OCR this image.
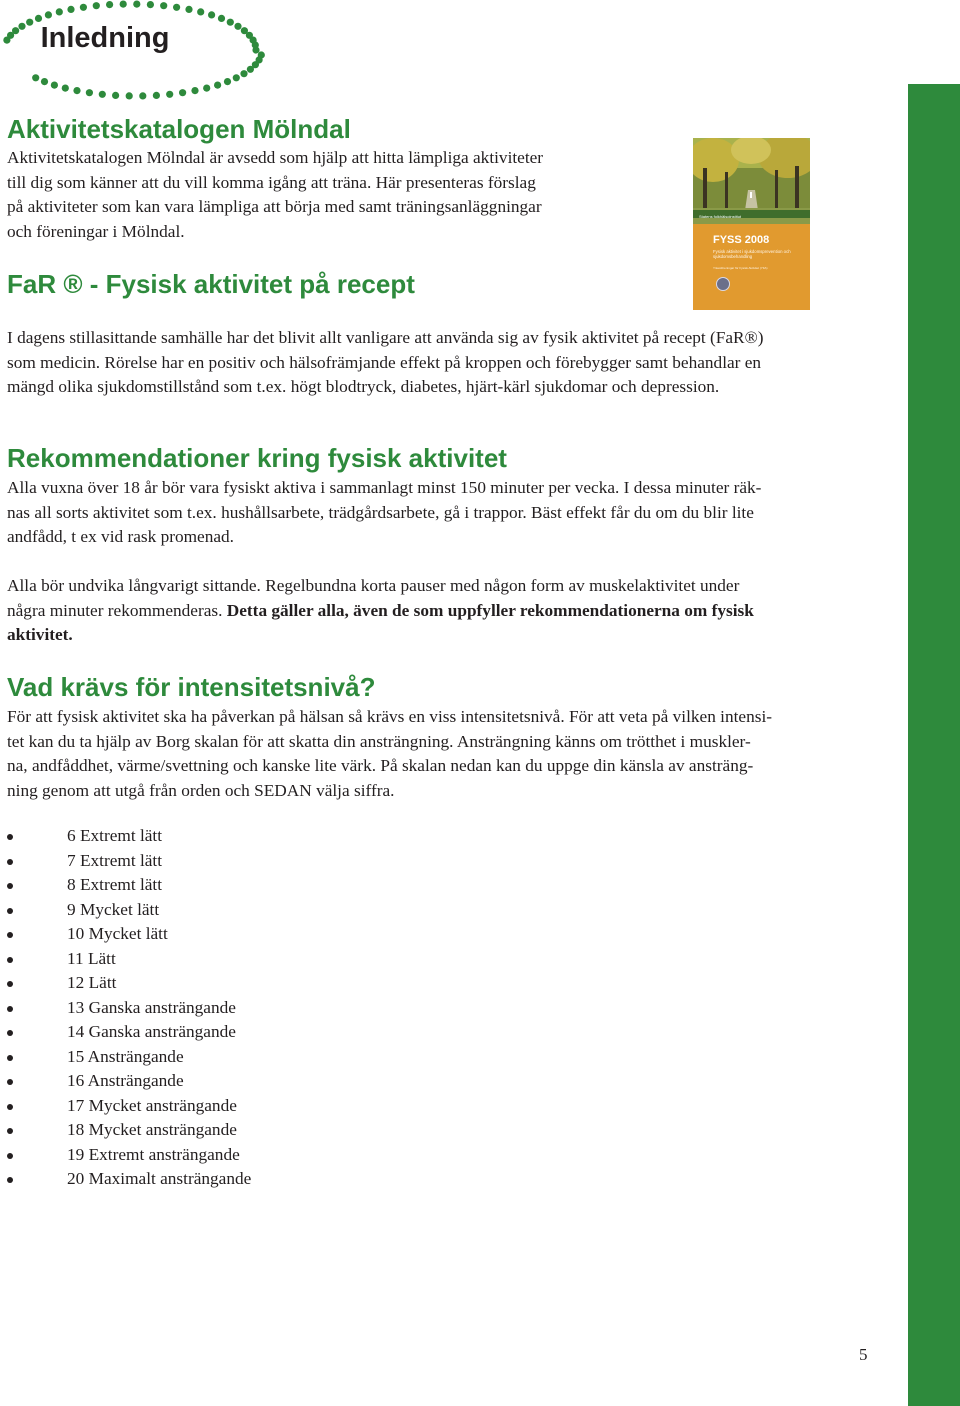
Inledning
Aktivitetskatalogen Mölndal

Aktivitetskatalogen Mölndal är avsedd som hjälp att hitta lämpliga aktiviteter

till dig som känner att du vill komma igång att träna. Här presenteras förslag

på aktiviteter som kan vara lämpliga att börja med samt träningsanläggningar

och föreningar i Mölndal.

Statens folkhälsoinstitut
FYSS 2008
Fysisk aktivitet i sjukdomsprevention och sjukdomsbehandling
Yrkesföreningar för Fysisk Aktivitet (YFA)
FaR ® - Fysisk aktivitet på recept

I dagens stillasittande samhälle har det blivit allt vanligare att använda sig av fysik aktivitet på recept (FaR®)

som medicin. Rörelse har en positiv och hälsofrämjande effekt på kroppen och förebygger samt behandlar en

mängd olika sjukdomstillstånd som t.ex. högt blodtryck, diabetes, hjärt-kärl sjukdomar och depression.

Rekommendationer kring fysisk aktivitet

Alla vuxna över 18 år bör vara fysiskt aktiva i sammanlagt minst 150 minuter per vecka. I dessa minuter räk-

nas all sorts aktivitet som t.ex. hushållsarbete, trädgårdsarbete, gå i trappor. Bäst effekt får du om du blir lite

andfådd, t ex vid rask promenad.

Alla bör undvika långvarigt sittande. Regelbundna korta pauser med någon form av muskelaktivitet under

några minuter rekommenderas. Detta gäller alla, även de som uppfyller rekommendationerna om fysisk

aktivitet.

Vad krävs för intensitetsnivå?

För att fysisk aktivitet ska ha påverkan på hälsan så krävs en viss intensitetsnivå. För att veta på vilken intensi-

tet kan du ta hjälp av Borg skalan för att skatta din ansträngning. Ansträngning känns om trötthet i muskler-

na, andfåddhet, värme/svettning och kanske lite värk. På skalan nedan kan du uppge din känsla av ansträng-

ning genom att utgå från orden och SEDAN välja siffra.

6 Extremt lätt
7 Extremt lätt
8 Extremt lätt
9 Mycket lätt
10 Mycket lätt
11 Lätt
12 Lätt
13 Ganska ansträngande
14 Ganska ansträngande
15 Ansträngande
16 Ansträngande
17 Mycket ansträngande
18 Mycket ansträngande
19 Extremt ansträngande
20 Maximalt ansträngande
5
